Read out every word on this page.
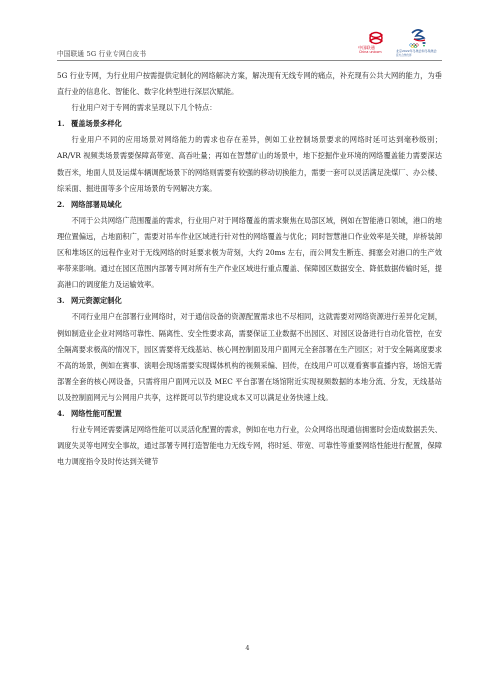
中国联通 5G 行业专网白皮书
中国联通
China unicom	北京2022年冬奥会和冬残奥会
官方合作伙伴

5G 行业专网，为行业用户按需提供定制化的网络解决方案，解决现有无线专网的痛点，补充现有公共大网的能力，为垂直行业的信息化、智能化、数字化转型进行深层次赋能。

行业用户对于专网的需求呈现以下几个特点：

1. 覆盖场景多样化

行业用户不同的应用场景对网络能力的需求也存在差异，例如工业控制场景要求的网络时延可达到毫秒级别；AR/VR 视频类场景需要保障高带宽、高吞吐量；再如在智慧矿山的场景中，地下挖掘作业环境的网络覆盖能力需要深达数百米，地面人员及运煤车辆调配场景下的网络则需要有较强的移动切换能力，需要一套可以灵活满足洗煤厂、办公楼、综采面、掘进面等多个应用场景的专网解决方案。

2. 网络部署局域化

不同于公共网络广范围覆盖的需求，行业用户对于网络覆盖的需求聚焦在局部区域，例如在智能港口领域，港口的地理位置偏远，占地面积广，需要对吊车作业区域进行针对性的网络覆盖与优化；同时智慧港口作业效率是关键，岸桥装卸区和堆场区的远程作业对于无线网络的时延要求极为苛刻，大约 20ms 左右，而公网发生断连、拥塞会对港口的生产效率带来影响。通过在园区范围内部署专网对所有生产作业区域进行重点覆盖、保障园区数据安全、降低数据传输时延，提高港口的调度能力及运输效率。

3. 网元资源定制化

不同行业用户在部署行业网络时，对于通信设备的资源配置需求也不尽相同，这就需要对网络资源进行差异化定制，例如制造业企业对网络可靠性、隔离性、安全性要求高，需要保证工业数据不出园区、对园区设备进行自动化管控，在安全隔离要求极高的情况下，园区需要将无线基站、核心网控制面及用户面网元全套部署在生产园区；对于安全隔离度要求不高的场景，例如在赛事、演唱会现场需要实现媒体机构的视频采编、回传，在线用户可以观看赛事直播内容，场馆无需部署全套的核心网设备，只需将用户面网元以及 MEC 平台部署在场馆附近实现视频数据的本地分流、分发，无线基站以及控制面网元与公网用户共享，这样既可以节约建设成本又可以满足业务快速上线。

4. 网络性能可配置

行业专网还需要满足网络性能可以灵活化配置的需求，例如在电力行业，公众网络出现通信拥塞时会造成数据丢失、调度失灵等电网安全事故，通过部署专网打造智能电力无线专网，将时延、带宽、可靠性等重要网络性能进行配置，保障电力调度指令及时传达到关键节

4
